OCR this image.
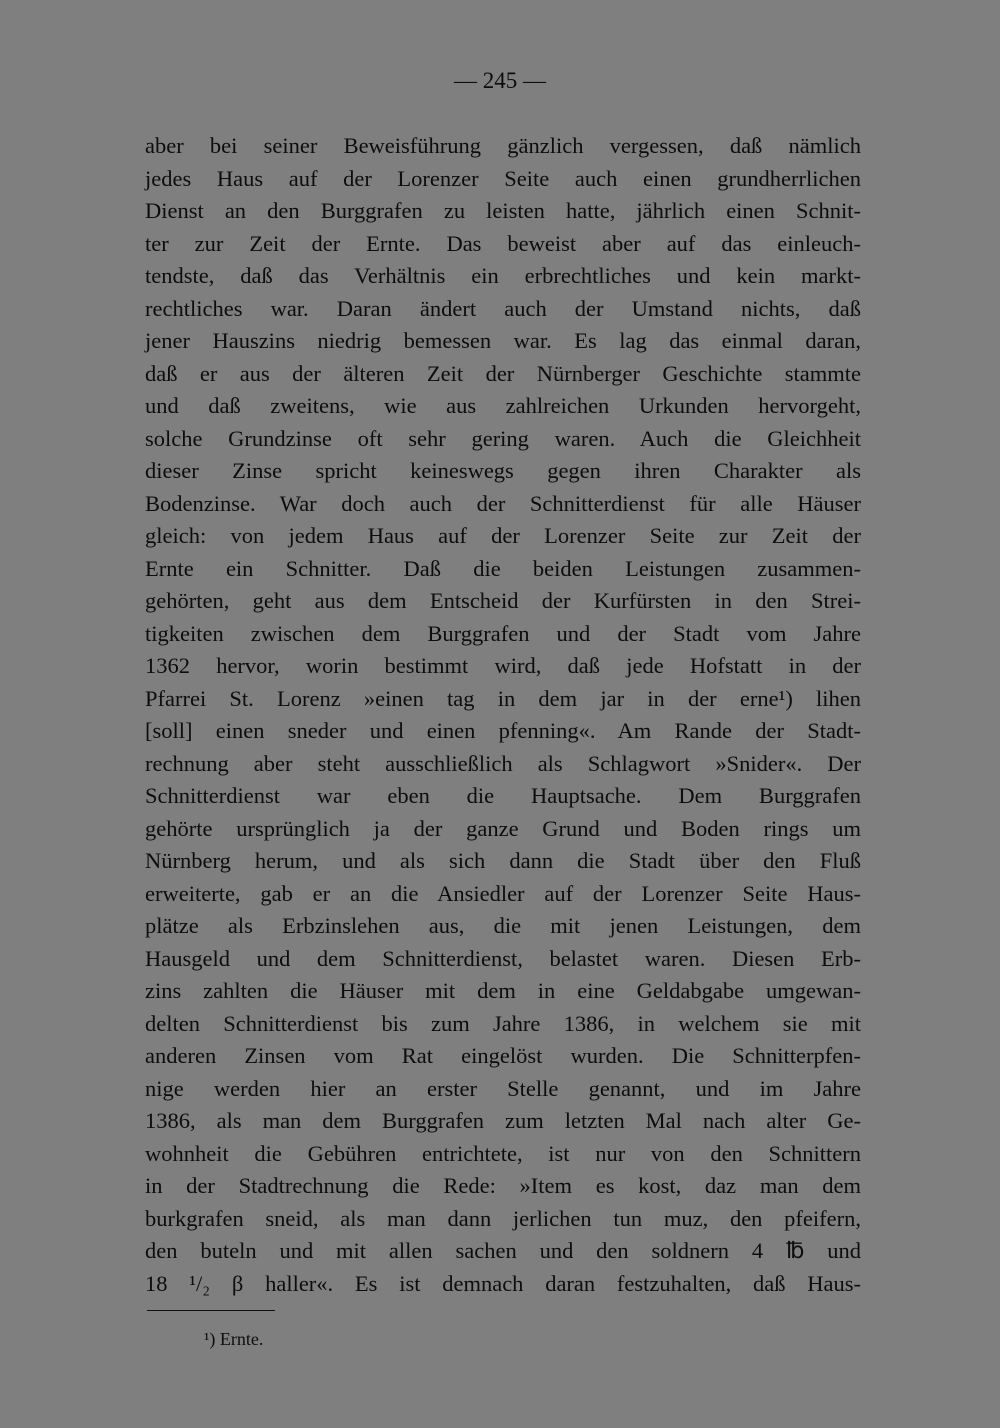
— 245 —
aber bei seiner Beweisführung gänzlich vergessen, daß nämlich
jedes Haus auf der Lorenzer Seite auch einen grundherrlichen
Dienst an den Burggrafen zu leisten hatte, jährlich einen Schnit-
ter zur Zeit der Ernte. Das beweist aber auf das einleuch-
tendste, daß das Verhältnis ein erbrechtliches und kein markt-
rechtliches war. Daran ändert auch der Umstand nichts, daß
jener Hauszins niedrig bemessen war. Es lag das einmal daran,
daß er aus der älteren Zeit der Nürnberger Geschichte stammte
und daß zweitens, wie aus zahlreichen Urkunden hervorgeht,
solche Grundzinse oft sehr gering waren. Auch die Gleichheit
dieser Zinse spricht keineswegs gegen ihren Charakter als
Bodenzinse. War doch auch der Schnitterdienst für alle Häuser
gleich: von jedem Haus auf der Lorenzer Seite zur Zeit der
Ernte ein Schnitter. Daß die beiden Leistungen zusammen-
gehörten, geht aus dem Entscheid der Kurfürsten in den Strei-
tigkeiten zwischen dem Burggrafen und der Stadt vom Jahre
1362 hervor, worin bestimmt wird, daß jede Hofstatt in der
Pfarrei St. Lorenz »einen tag in dem jar in der erne¹) lihen
[soll] einen sneder und einen pfenning«. Am Rande der Stadt-
rechnung aber steht ausschließlich als Schlagwort »Snider«. Der
Schnitterdienst war eben die Hauptsache. Dem Burggrafen
gehörte ursprünglich ja der ganze Grund und Boden rings um
Nürnberg herum, und als sich dann die Stadt über den Fluß
erweiterte, gab er an die Ansiedler auf der Lorenzer Seite Haus-
plätze als Erbzinslehen aus, die mit jenen Leistungen, dem
Hausgeld und dem Schnitterdienst, belastet waren. Diesen Erb-
zins zahlten die Häuser mit dem in eine Geldabgabe umgewan-
delten Schnitterdienst bis zum Jahre 1386, in welchem sie mit
anderen Zinsen vom Rat eingelöst wurden. Die Schnitterpfen-
nige werden hier an erster Stelle genannt, und im Jahre
1386, als man dem Burggrafen zum letzten Mal nach alter Ge-
wohnheit die Gebühren entrichtete, ist nur von den Schnittern
in der Stadtrechnung die Rede: »Item es kost, daz man dem
burkgrafen sneid, als man dann jerlichen tun muz, den pfeifern,
den buteln und mit allen sachen und den soldnern 4 ℔ und
18 ¹/₂ β haller«. Es ist demnach daran festzuhalten, daß Haus-
¹) Ernte.
